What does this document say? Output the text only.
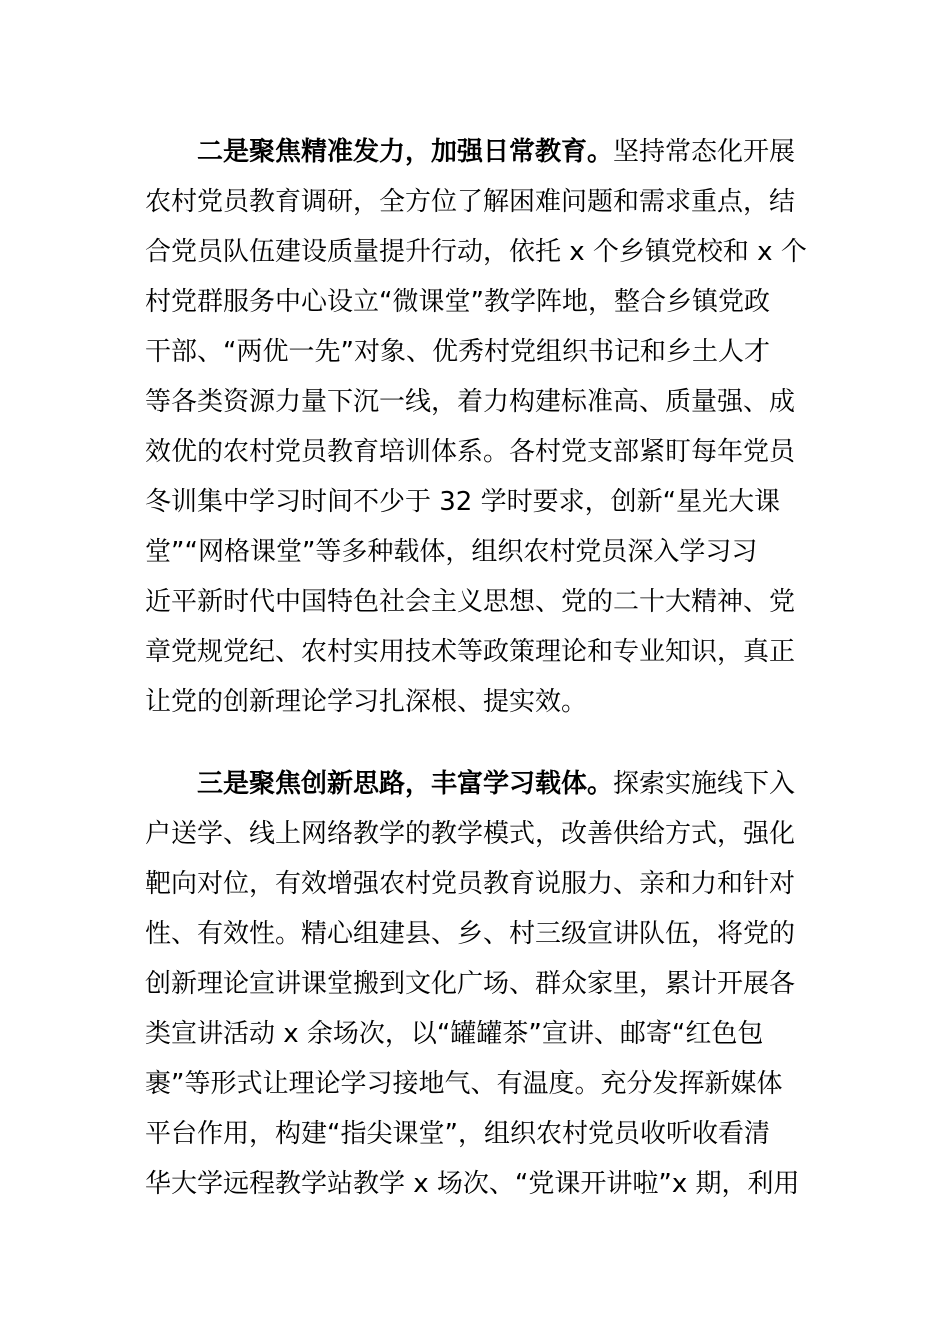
二是聚焦精准发力，加强日常教育。坚持常态化开展
农村党员教育调研，全方位了解困难问题和需求重点，结
合党员队伍建设质量提升行动，依托 x 个乡镇党校和 x 个
村党群服务中心设立“微课堂”教学阵地，整合乡镇党政
干部、“两优一先”对象、优秀村党组织书记和乡土人才
等各类资源力量下沉一线，着力构建标准高、质量强、成
效优的农村党员教育培训体系。各村党支部紧盯每年党员
冬训集中学习时间不少于 32 学时要求，创新“星光大课
堂”“网格课堂”等多种载体，组织农村党员深入学习习
近平新时代中国特色社会主义思想、党的二十大精神、党
章党规党纪、农村实用技术等政策理论和专业知识，真正
让党的创新理论学习扎深根、提实效。
三是聚焦创新思路，丰富学习载体。探索实施线下入
户送学、线上网络教学的教学模式，改善供给方式，强化
靶向对位，有效增强农村党员教育说服力、亲和力和针对
性、有效性。精心组建县、乡、村三级宣讲队伍，将党的
创新理论宣讲课堂搬到文化广场、群众家里，累计开展各
类宣讲活动 x 余场次，以“罐罐茶”宣讲、邮寄“红色包
裹”等形式让理论学习接地气、有温度。充分发挥新媒体
平台作用，构建“指尖课堂”，组织农村党员收听收看清
华大学远程教学站教学 x 场次、“党课开讲啦”x 期，利用
